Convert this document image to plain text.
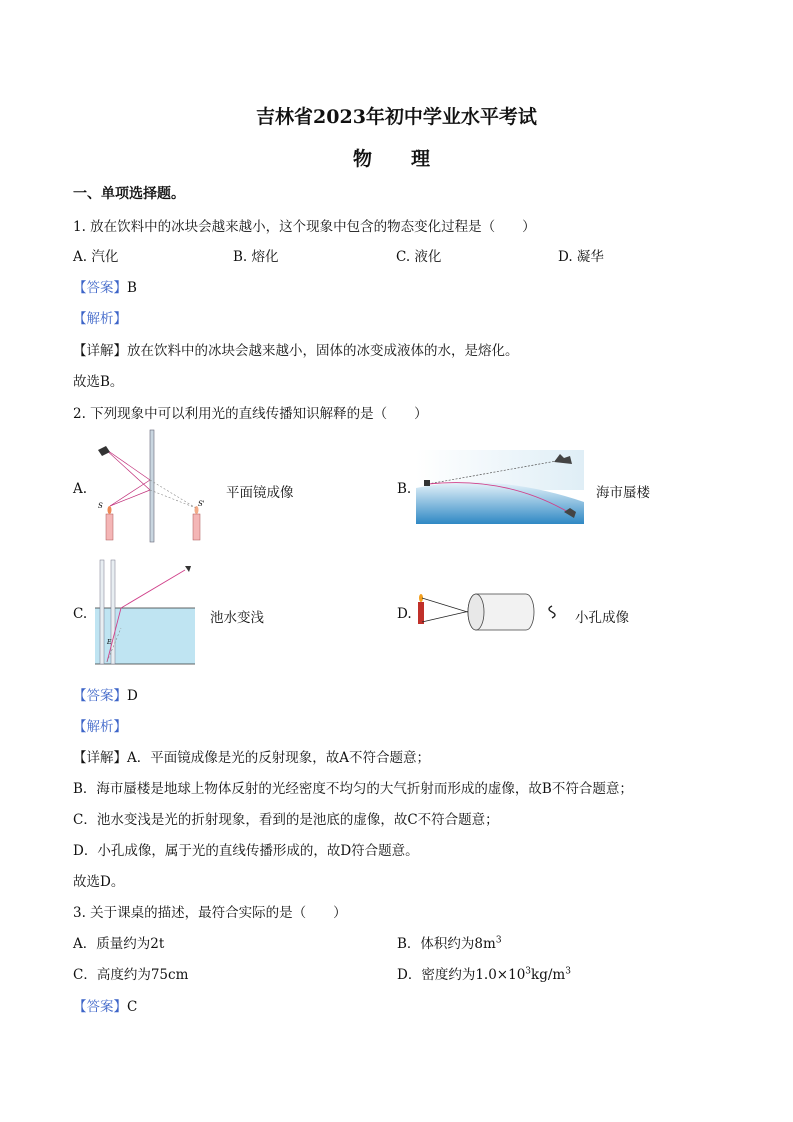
吉林省2023年初中学业水平考试
物　理
一、单项选择题。
1. 放在饮料中的冰块会越来越小，这个现象中包含的物态变化过程是（　　）
A. 汽化	B. 熔化	C. 液化	D. 凝华
【答案】B
【解析】
【详解】放在饮料中的冰块会越来越小，固体的冰变成液体的水，是熔化。
故选B。
2. 下列现象中可以利用光的直线传播知识解释的是（　　）
A.
S	S'
平面镜成像	B.	海市蜃楼
C.
E
池水变浅	D.	小孔成像
【答案】D
【解析】
【详解】A．平面镜成像是光的反射现象，故A不符合题意；
B．海市蜃楼是地球上物体反射的光经密度不均匀的大气折射而形成的虚像，故B不符合题意；
C．池水变浅是光的折射现象，看到的是池底的虚像，故C不符合题意；
D．小孔成像，属于光的直线传播形成的，故D符合题意。
故选D。
3. 关于课桌的描述，最符合实际的是（　　）
A．质量约为2t	B．体积约为$8m^3$
C．高度约为75cm	D．密度约为$1.0\times 10^3kg/m^3$
【答案】C
